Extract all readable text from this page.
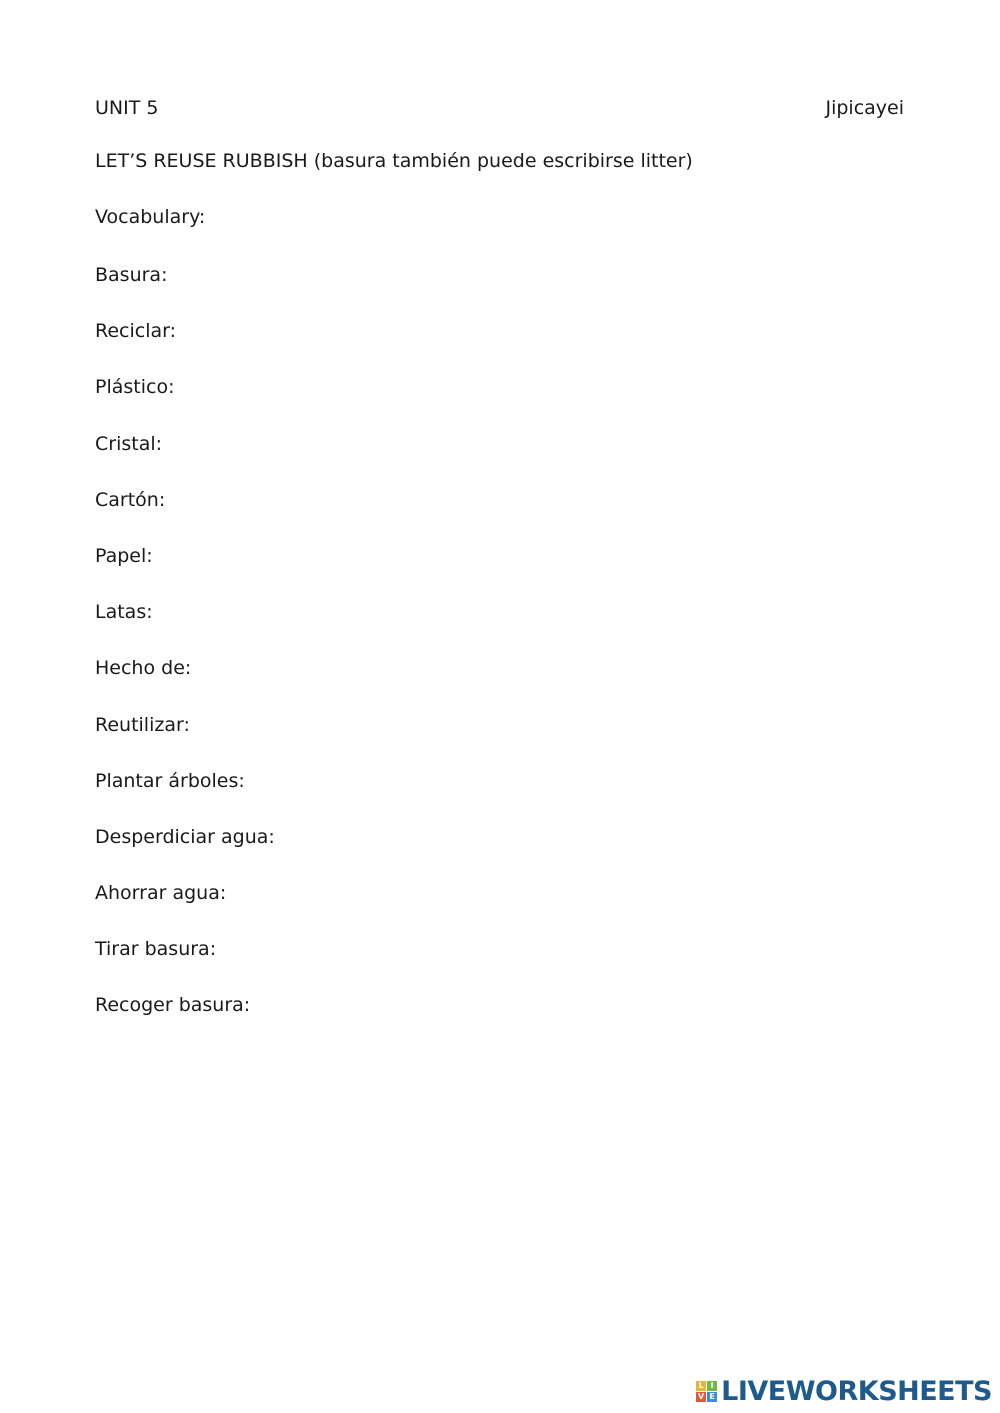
UNIT 5	Jipicayei
LET’S REUSE RUBBISH (basura también puede escribirse litter)
Vocabulary:
Basura:
Reciclar:
Plástico:
Cristal:
Cartón:
Papel:
Latas:
Hecho de:
Reutilizar:
Plantar árboles:
Desperdiciar agua:
Ahorrar agua:
Tirar basura:
Recoger basura:
L I
V E LIVEWORKSHEETS
